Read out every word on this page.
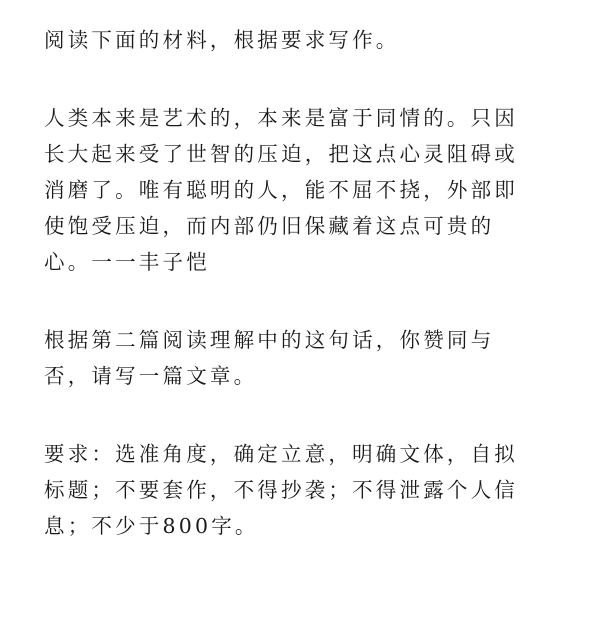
阅读下面的材料，根据要求写作。
人类本来是艺术的，本来是富于同情的。只因
长大起来受了世智的压迫，把这点心灵阻碍或
消磨了。唯有聪明的人，能不屈不挠，外部即
使饱受压迫，而内部仍旧保藏着这点可贵的
心。一一丰子恺
根据第二篇阅读理解中的这句话，你赞同与
否，请写一篇文章。
要求：选准角度，确定立意，明确文体，自拟
标题；不要套作，不得抄袭；不得泄露个人信
息；不少于800字。
